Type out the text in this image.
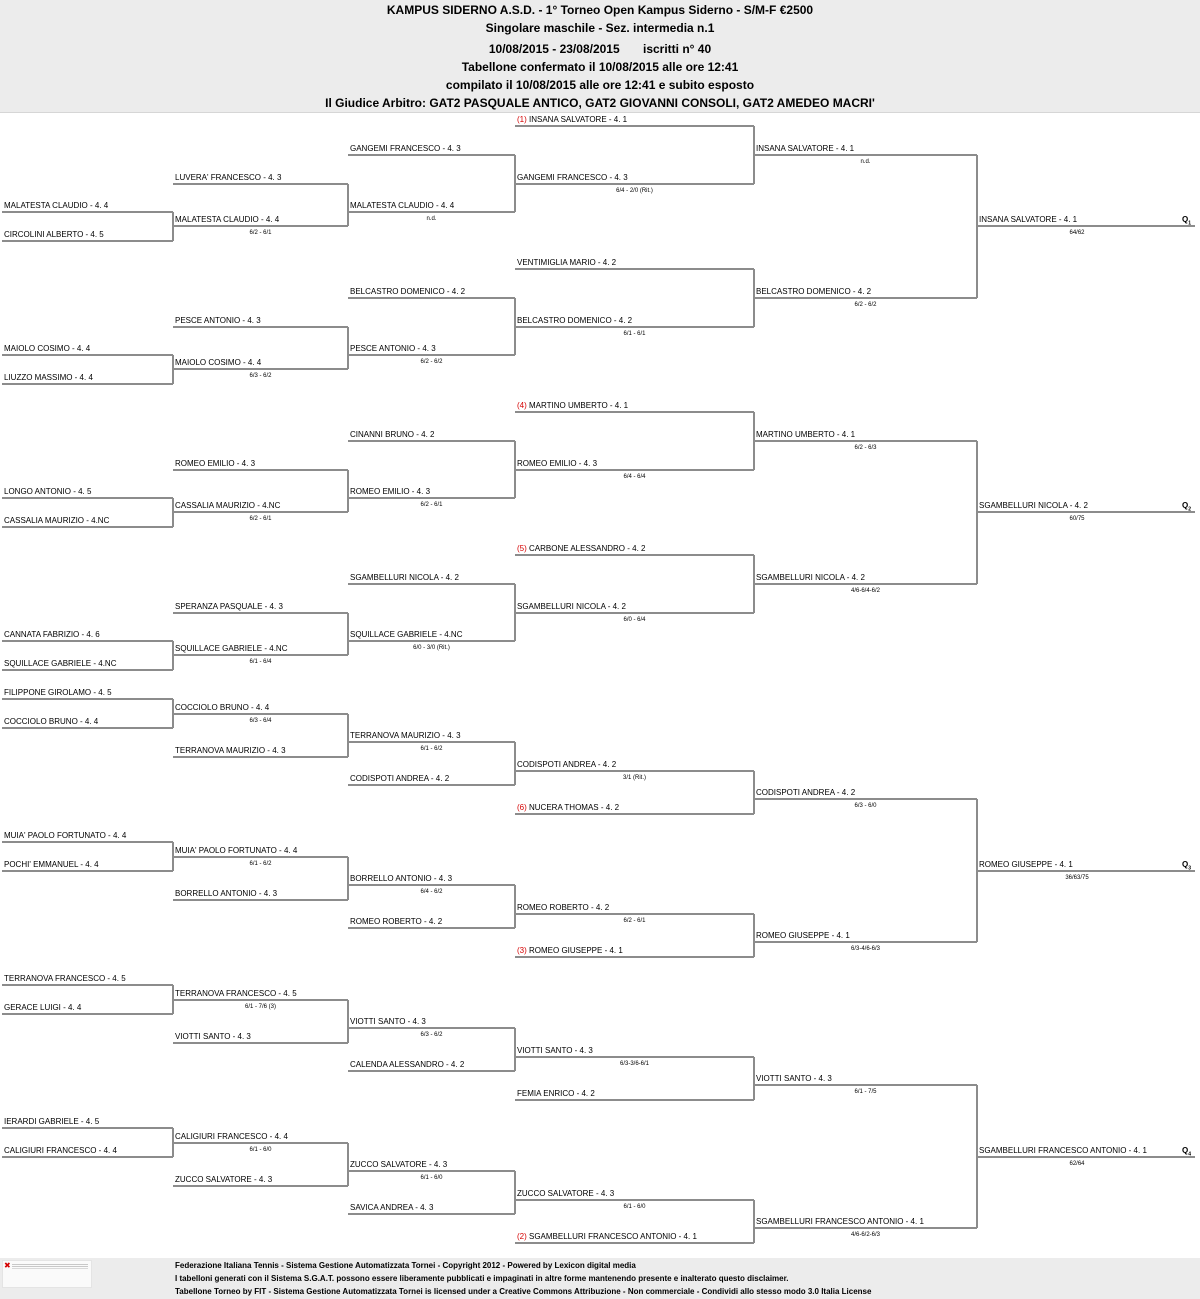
KAMPUS SIDERNO A.S.D. - 1° Torneo Open Kampus Siderno - S/M-F €2500
Singolare maschile - Sez. intermedia n.1
10/08/2015 - 23/08/2015       iscritti n° 40
Tabellone confermato il 10/08/2015 alle ore 12:41
compilato il 10/08/2015 alle ore 12:41 e subito esposto
Il Giudice Arbitro: GAT2 PASQUALE ANTICO, GAT2 GIOVANNI CONSOLI, GAT2 AMEDEO MACRI'
MALATESTA CLAUDIO - 4. 4
CIRCOLINI ALBERTO - 4. 5
MAIOLO COSIMO - 4. 4
LIUZZO MASSIMO - 4. 4
LUVERA' FRANCESCO - 4. 3
MALATESTA CLAUDIO - 4. 4
6/2 - 6/1
PESCE ANTONIO - 4. 3
MAIOLO COSIMO - 4. 4
6/3 - 6/2
GANGEMI FRANCESCO - 4. 3
MALATESTA CLAUDIO - 4. 4
n.d.
BELCASTRO DOMENICO - 4. 2
PESCE ANTONIO - 4. 3
6/2 - 6/2
(1) INSANA SALVATORE - 4. 1
GANGEMI FRANCESCO - 4. 3
6/4 - 2/0 (Rit.)
VENTIMIGLIA MARIO - 4. 2
BELCASTRO DOMENICO - 4. 2
6/1 - 6/1
INSANA SALVATORE - 4. 1
n.d.
BELCASTRO DOMENICO - 4. 2
6/2 - 6/2
INSANA SALVATORE - 4. 1
64/62
$Q_1$
LONGO ANTONIO - 4. 5
CASSALIA MAURIZIO - 4.NC
CANNATA FABRIZIO - 4. 6
SQUILLACE GABRIELE - 4.NC
ROMEO EMILIO - 4. 3
CASSALIA MAURIZIO - 4.NC
6/2 - 6/1
SPERANZA PASQUALE - 4. 3
SQUILLACE GABRIELE - 4.NC
6/1 - 6/4
CINANNI BRUNO - 4. 2
ROMEO EMILIO - 4. 3
6/2 - 6/1
SGAMBELLURI NICOLA - 4. 2
SQUILLACE GABRIELE - 4.NC
6/0 - 3/0 (Rit.)
(4) MARTINO UMBERTO - 4. 1
ROMEO EMILIO - 4. 3
6/4 - 6/4
(5) CARBONE ALESSANDRO - 4. 2
SGAMBELLURI NICOLA - 4. 2
6/0 - 6/4
MARTINO UMBERTO - 4. 1
6/2 - 6/3
SGAMBELLURI NICOLA - 4. 2
4/6-6/4-6/2
SGAMBELLURI NICOLA - 4. 2
60/75
$Q_2$
FILIPPONE GIROLAMO - 4. 5
COCCIOLO BRUNO - 4. 4
MUIA' PAOLO FORTUNATO - 4. 4
POCHI' EMMANUEL - 4. 4
COCCIOLO BRUNO - 4. 4
6/3 - 6/4
TERRANOVA MAURIZIO - 4. 3
MUIA' PAOLO FORTUNATO - 4. 4
6/1 - 6/2
BORRELLO ANTONIO - 4. 3
TERRANOVA MAURIZIO - 4. 3
6/1 - 6/2
CODISPOTI ANDREA - 4. 2
BORRELLO ANTONIO - 4. 3
6/4 - 6/2
ROMEO ROBERTO - 4. 2
CODISPOTI ANDREA - 4. 2
3/1 (Rit.)
(6) NUCERA THOMAS - 4. 2
ROMEO ROBERTO - 4. 2
6/2 - 6/1
(3) ROMEO GIUSEPPE - 4. 1
CODISPOTI ANDREA - 4. 2
6/3 - 6/0
ROMEO GIUSEPPE - 4. 1
6/3-4/6-6/3
ROMEO GIUSEPPE - 4. 1
36/63/75
$Q_3$
TERRANOVA FRANCESCO - 4. 5
GERACE LUIGI - 4. 4
IERARDI GABRIELE - 4. 5
CALIGIURI FRANCESCO - 4. 4
TERRANOVA FRANCESCO - 4. 5
6/1 - 7/6 (3)
VIOTTI SANTO - 4. 3
CALIGIURI FRANCESCO - 4. 4
6/1 - 6/0
ZUCCO SALVATORE - 4. 3
VIOTTI SANTO - 4. 3
6/3 - 6/2
CALENDA ALESSANDRO - 4. 2
ZUCCO SALVATORE - 4. 3
6/1 - 6/0
SAVICA ANDREA - 4. 3
VIOTTI SANTO - 4. 3
6/3-3/6-6/1
FEMIA ENRICO - 4. 2
ZUCCO SALVATORE - 4. 3
6/1 - 6/0
(2) SGAMBELLURI FRANCESCO ANTONIO - 4. 1
VIOTTI SANTO - 4. 3
6/1 - 7/5
SGAMBELLURI FRANCESCO ANTONIO - 4. 1
4/6-6/2-6/3
SGAMBELLURI FRANCESCO ANTONIO - 4. 1
62/64
$Q_4$
Federazione Italiana Tennis - Sistema Gestione Automatizzata Tornei - Copyright 2012 - Powered by Lexicon digital media
I tabelloni generati con il Sistema S.G.A.T. possono essere liberamente pubblicati e impaginati in altre forme mantenendo presente e inalterato questo disclaimer.
Tabellone Torneo by FIT - Sistema Gestione Automatizzata Tornei is licensed under a Creative Commons Attribuzione - Non commerciale - Condividi allo stesso modo 3.0 Italia License
✖
